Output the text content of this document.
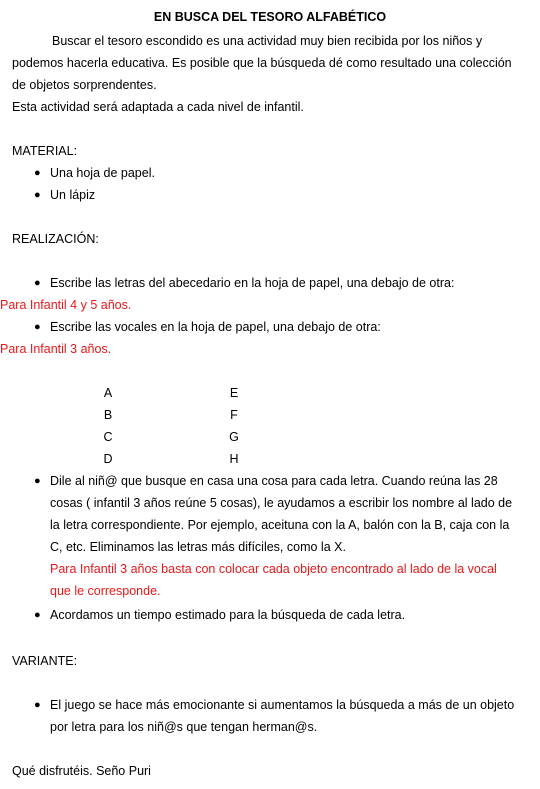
EN BUSCA DEL TESORO ALFABÉTICO
Buscar el tesoro escondido es una actividad muy bien recibida por los niños y
podemos hacerla educativa. Es posible que la búsqueda dé como resultado una colección
de objetos sorprendentes.
Esta actividad será adaptada a cada nivel de infantil.
MATERIAL:
● Una hoja de papel.
● Un lápiz
REALIZACIÓN:
● Escribe las letras del abecedario en la hoja de papel, una debajo de otra:
Para Infantil 4 y 5 años.
● Escribe las vocales en la hoja de papel, una debajo de otra:
Para Infantil 3 años.
A
B
C
D
E
F
G
H
● Dile al niñ@ que busque en casa una cosa para cada letra. Cuando reúna las 28
cosas ( infantil 3 años reúne 5 cosas), le ayudamos a escribir los nombre al lado de
la letra correspondiente. Por ejemplo, aceituna con la A, balón con la B, caja con la
C, etc. Eliminamos las letras más difíciles, como la X.
Para Infantil 3 años basta con colocar cada objeto encontrado al lado de la vocal
que le corresponde.
● Acordamos un tiempo estimado para la búsqueda de cada letra.
VARIANTE:
● El juego se hace más emocionante si aumentamos la búsqueda a más de un objeto
por letra para los niñ@s que tengan herman@s.
Qué disfrutéis. Seño Puri
